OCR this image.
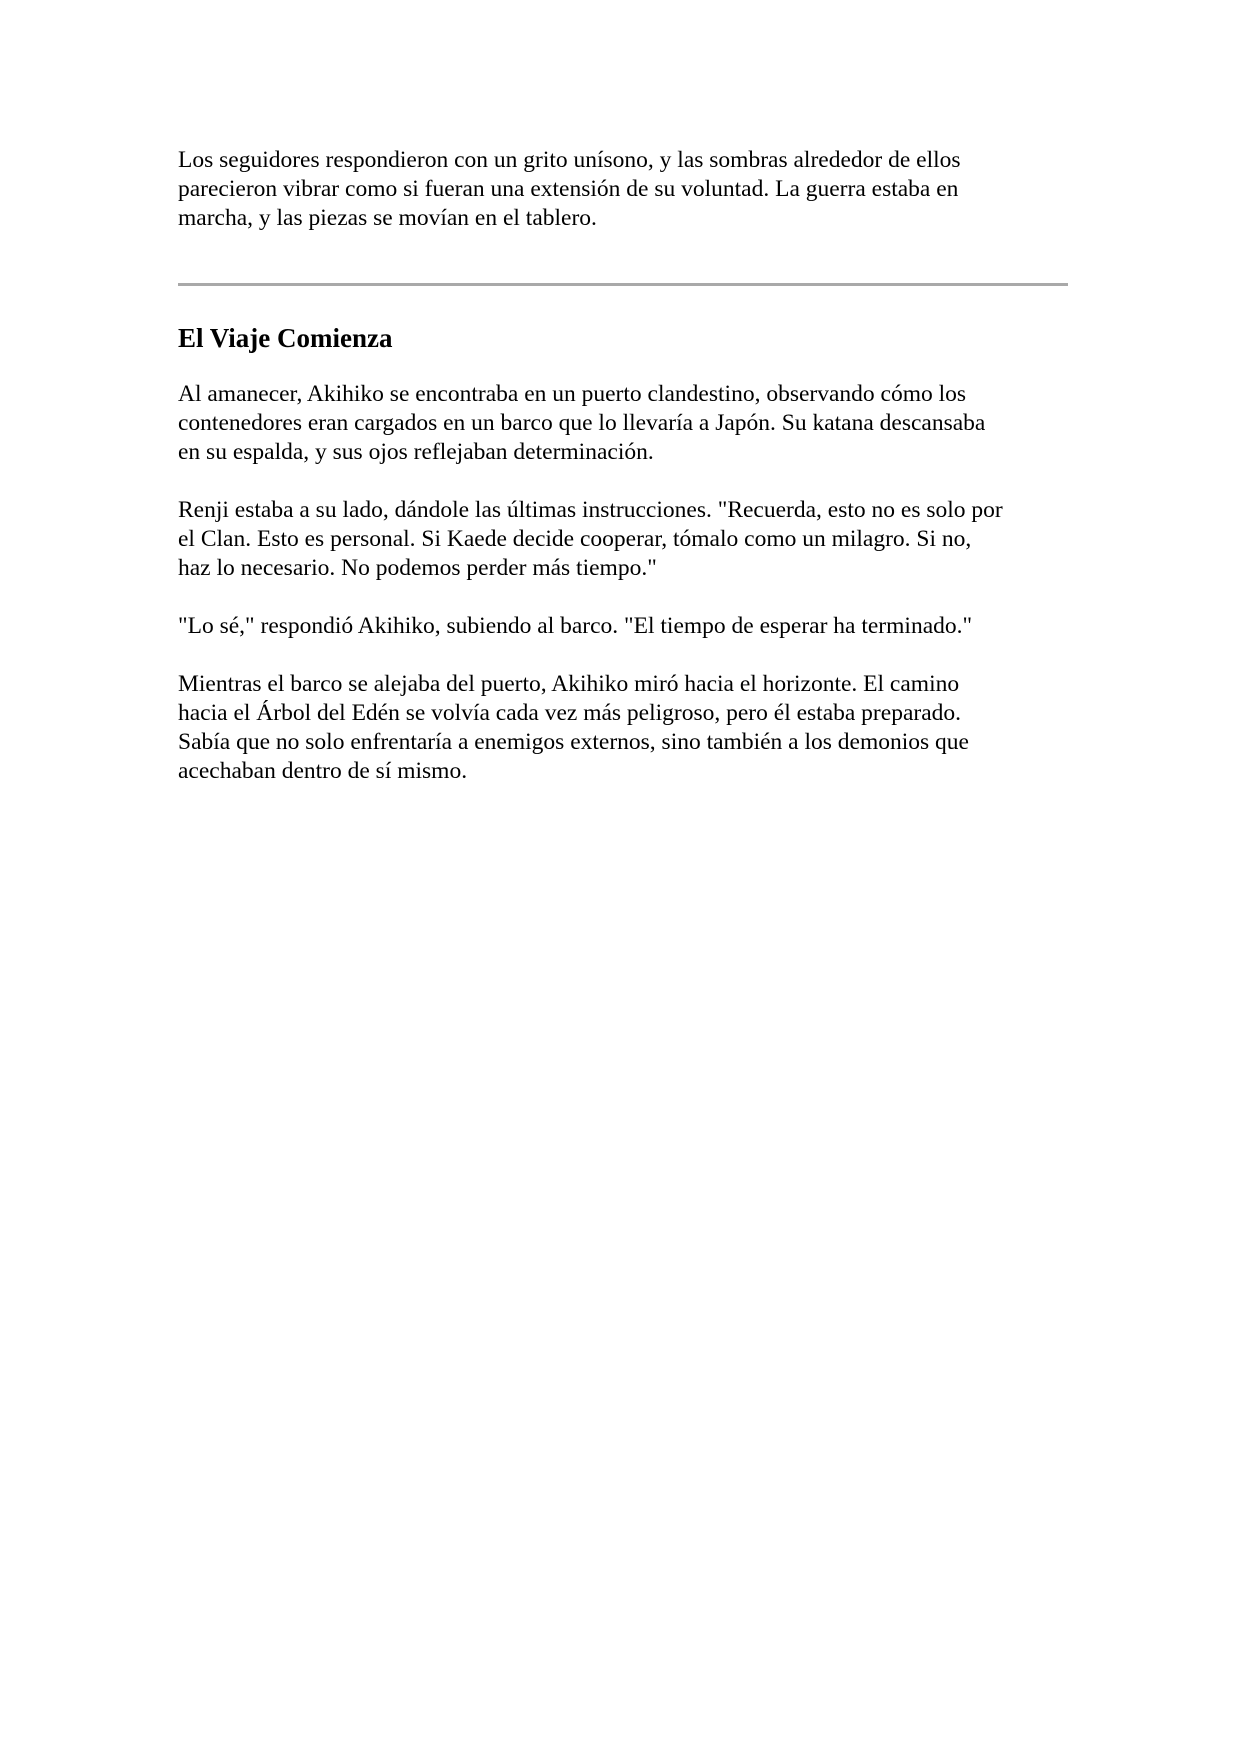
Los seguidores respondieron con un grito unísono, y las sombras alrededor de ellos
parecieron vibrar como si fueran una extensión de su voluntad. La guerra estaba en
marcha, y las piezas se movían en el tablero.

El Viaje Comienza

Al amanecer, Akihiko se encontraba en un puerto clandestino, observando cómo los
contenedores eran cargados en un barco que lo llevaría a Japón. Su katana descansaba
en su espalda, y sus ojos reflejaban determinación.

Renji estaba a su lado, dándole las últimas instrucciones. "Recuerda, esto no es solo por
el Clan. Esto es personal. Si Kaede decide cooperar, tómalo como un milagro. Si no,
haz lo necesario. No podemos perder más tiempo."

"Lo sé," respondió Akihiko, subiendo al barco. "El tiempo de esperar ha terminado."

Mientras el barco se alejaba del puerto, Akihiko miró hacia el horizonte. El camino
hacia el Árbol del Edén se volvía cada vez más peligroso, pero él estaba preparado.
Sabía que no solo enfrentaría a enemigos externos, sino también a los demonios que
acechaban dentro de sí mismo.
